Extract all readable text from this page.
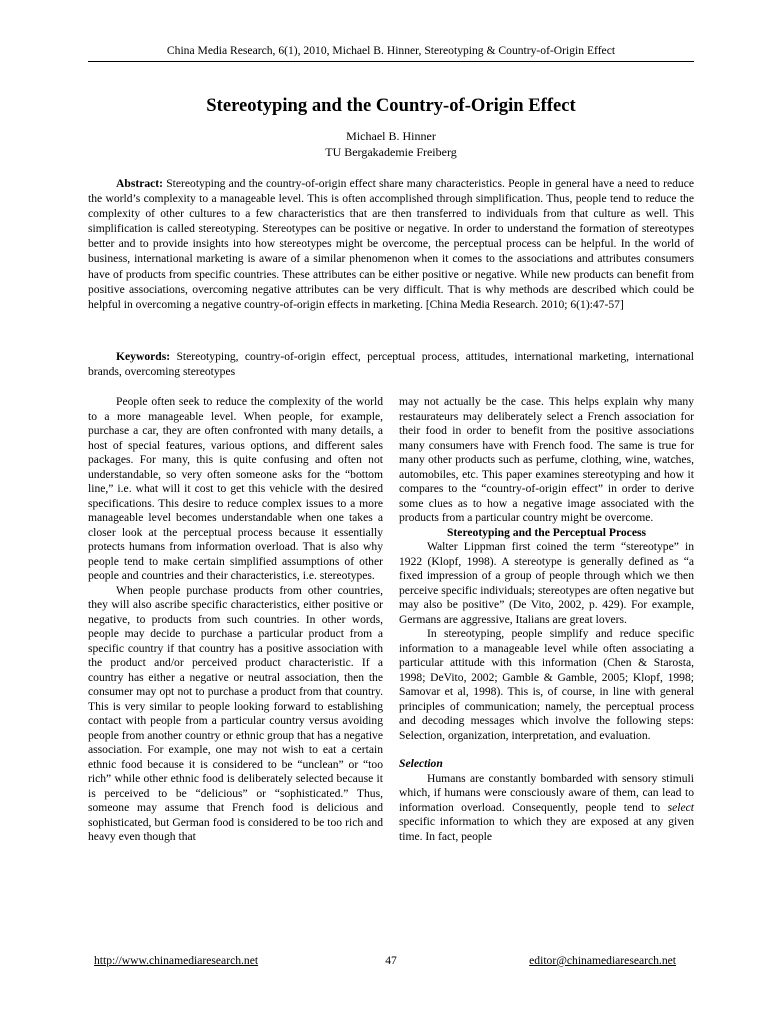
China Media Research, 6(1), 2010, Michael B. Hinner, Stereotyping & Country-of-Origin Effect
Stereotyping and the Country-of-Origin Effect
Michael B. Hinner
TU Bergakademie Freiberg

Abstract: Stereotyping and the country-of-origin effect share many characteristics. People in general have a need to reduce the world’s complexity to a manageable level. This is often accomplished through simplification. Thus, people tend to reduce the complexity of other cultures to a few characteristics that are then transferred to individuals from that culture as well. This simplification is called stereotyping. Stereotypes can be positive or negative. In order to understand the formation of stereotypes better and to provide insights into how stereotypes might be overcome, the perceptual process can be helpful. In the world of business, international marketing is aware of a similar phenomenon when it comes to the associations and attributes consumers have of products from specific countries. These attributes can be either positive or negative. While new products can benefit from positive associations, overcoming negative attributes can be very difficult. That is why methods are described which could be helpful in overcoming a negative country-of-origin effects in marketing. [China Media Research. 2010; 6(1):47-57]

Keywords: Stereotyping, country-of-origin effect, perceptual process, attitudes, international marketing, international brands, overcoming stereotypes

People often seek to reduce the complexity of the world to a more manageable level. When people, for example, purchase a car, they are often confronted with many details, a host of special features, various options, and different sales packages. For many, this is quite confusing and often not understandable, so very often someone asks for the “bottom line,” i.e. what will it cost to get this vehicle with the desired specifications. This desire to reduce complex issues to a more manageable level becomes understandable when one takes a closer look at the perceptual process because it essentially protects humans from information overload. That is also why people tend to make certain simplified assumptions of other people and countries and their characteristics, i.e. stereotypes.

When people purchase products from other countries, they will also ascribe specific characteristics, either positive or negative, to products from such countries. In other words, people may decide to purchase a particular product from a specific country if that country has a positive association with the product and/or perceived product characteristic. If a country has either a negative or neutral association, then the consumer may opt not to purchase a product from that country. This is very similar to people looking forward to establishing contact with people from a particular country versus avoiding people from another country or ethnic group that has a negative association. For example, one may not wish to eat a certain ethnic food because it is considered to be “unclean” or “too rich” while other ethnic food is deliberately selected because it is perceived to be “delicious” or “sophisticated.” Thus, someone may assume that French food is delicious and sophisticated, but German food is considered to be too rich and heavy even though that

may not actually be the case. This helps explain why many restaurateurs may deliberately select a French association for their food in order to benefit from the positive associations many consumers have with French food. The same is true for many other products such as perfume, clothing, wine, watches, automobiles, etc. This paper examines stereotyping and how it compares to the “country-of-origin effect” in order to derive some clues as to how a negative image associated with the products from a particular country might be overcome.

Stereotyping and the Perceptual Process

Walter Lippman first coined the term “stereotype” in 1922 (Klopf, 1998). A stereotype is generally defined as “a fixed impression of a group of people through which we then perceive specific individuals; stereotypes are often negative but may also be positive” (De Vito, 2002, p. 429). For example, Germans are aggressive, Italians are great lovers.

In stereotyping, people simplify and reduce specific information to a manageable level while often associating a particular attitude with this information (Chen & Starosta, 1998; DeVito, 2002; Gamble & Gamble, 2005; Klopf, 1998; Samovar et al, 1998). This is, of course, in line with general principles of communication; namely, the perceptual process and decoding messages which involve the following steps: Selection, organization, interpretation, and evaluation.

Selection

Humans are constantly bombarded with sensory stimuli which, if humans were consciously aware of them, can lead to information overload. Consequently, people tend to select specific information to which they are exposed at any given time. In fact, people

http://www.chinamediaresearch.net	47	editor@chinamediaresearch.net
